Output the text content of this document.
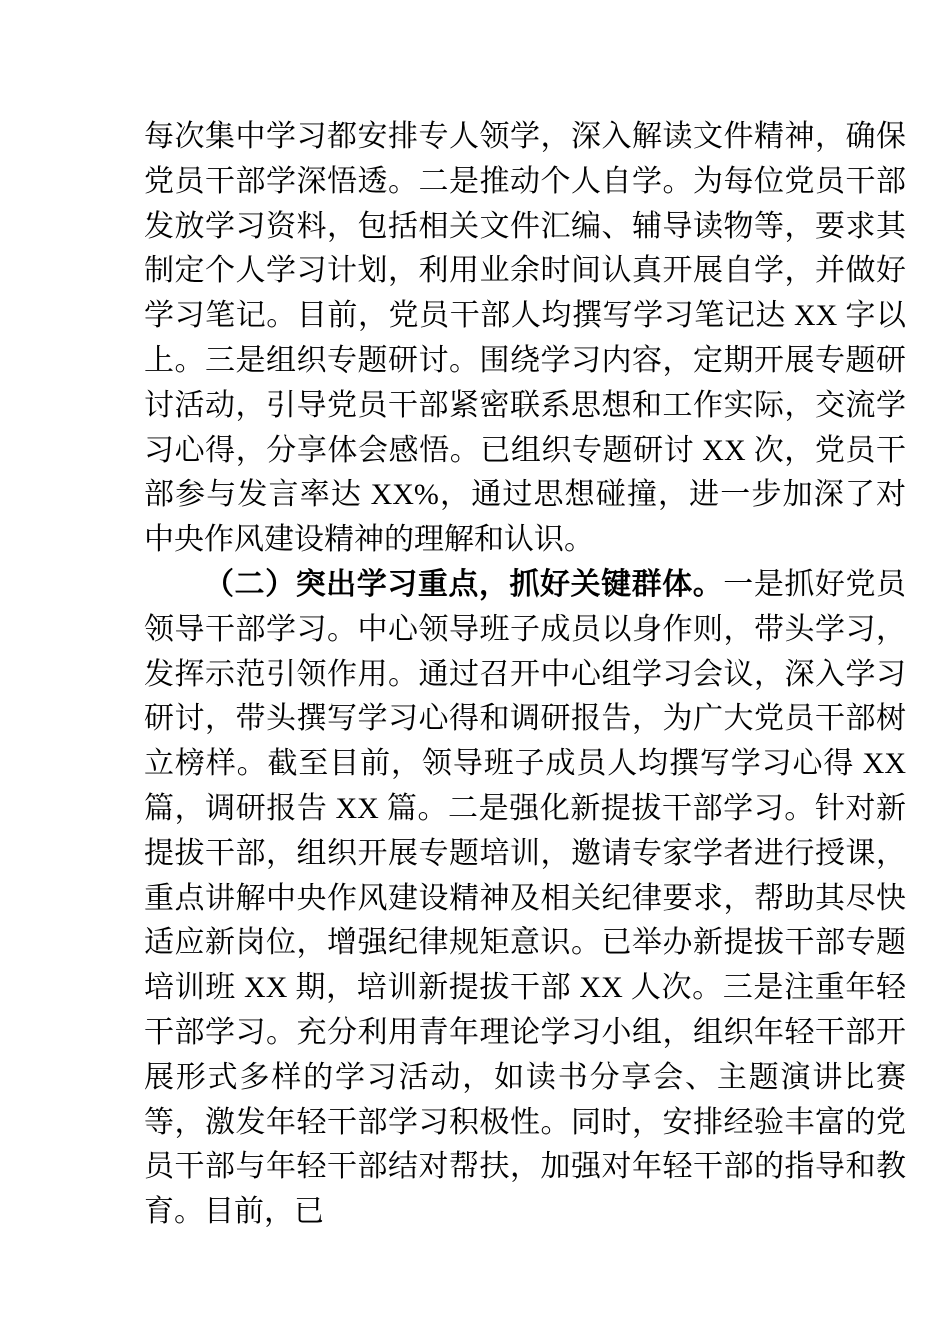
每次集中学习都安排专人领学，深入解读文件精神，确保党员干部学深悟透。二是推动个人自学。为每位党员干部发放学习资料，包括相关文件汇编、辅导读物等，要求其制定个人学习计划，利用业余时间认真开展自学，并做好学习笔记。目前，党员干部人均撰写学习笔记达 XX 字以上。三是组织专题研讨。围绕学习内容，定期开展专题研讨活动，引导党员干部紧密联系思想和工作实际，交流学习心得，分享体会感悟。已组织专题研讨 XX 次，党员干部参与发言率达 XX%，通过思想碰撞，进一步加深了对中央作风建设精神的理解和认识。

（二）突出学习重点，抓好关键群体。一是抓好党员领导干部学习。中心领导班子成员以身作则，带头学习，发挥示范引领作用。通过召开中心组学习会议，深入学习研讨，带头撰写学习心得和调研报告，为广大党员干部树立榜样。截至目前，领导班子成员人均撰写学习心得 XX 篇，调研报告 XX 篇。二是强化新提拔干部学习。针对新提拔干部，组织开展专题培训，邀请专家学者进行授课，重点讲解中央作风建设精神及相关纪律要求，帮助其尽快适应新岗位，增强纪律规矩意识。已举办新提拔干部专题培训班 XX 期，培训新提拔干部 XX 人次。三是注重年轻干部学习。充分利用青年理论学习小组，组织年轻干部开展形式多样的学习活动，如读书分享会、主题演讲比赛等，激发年轻干部学习积极性。同时，安排经验丰富的党员干部与年轻干部结对帮扶，加强对年轻干部的指导和教育。目前，已
